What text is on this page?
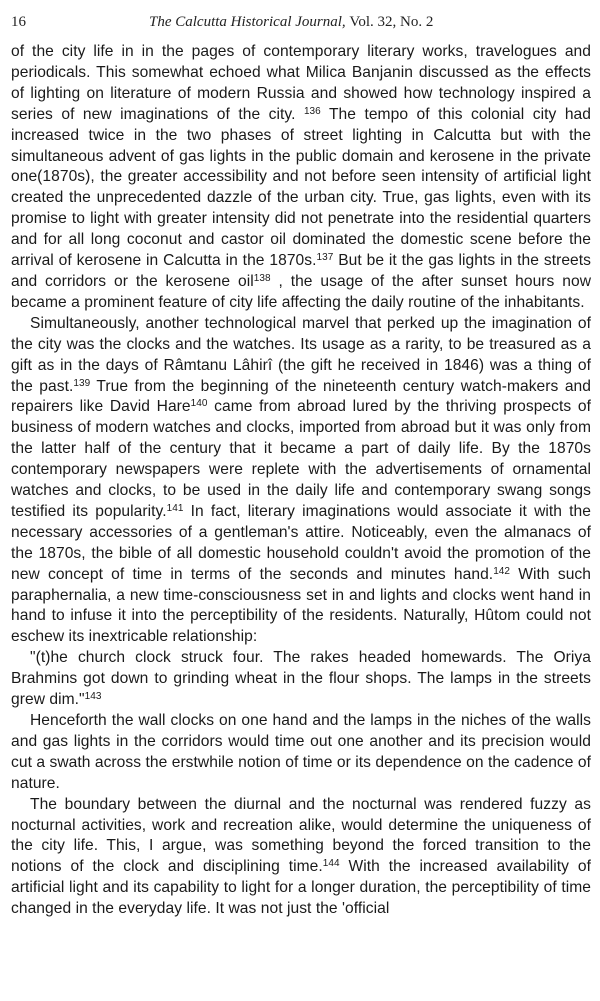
16	The Calcutta Historical Journal, Vol. 32, No. 2

of the city life in in the pages of contemporary literary works, travelogues and periodicals. This somewhat echoed what Milica Banjanin discussed as the effects of lighting on literature of modern Russia and showed how technology inspired a series of new imaginations of the city. $^{136}$ The tempo of this colonial city had increased twice in the two phases of street lighting in Calcutta but with the simultaneous advent of gas lights in the public domain and kerosene in the private one(1870s), the greater accessibility and not before seen intensity of artificial light created the unprecedented dazzle of the urban city. True, gas lights, even with its promise to light with greater intensity did not penetrate into the residential quarters and for all long coconut and castor oil dominated the domestic scene before the arrival of kerosene in Calcutta in the 1870s.$^{137}$ But be it the gas lights in the streets and corridors or the kerosene oil$^{138}$ , the usage of the after sunset hours now became a prominent feature of city life affecting the daily routine of the inhabitants.

Simultaneously, another technological marvel that perked up the imagination of the city was the clocks and the watches. Its usage as a rarity, to be treasured as a gift as in the days of Râmtanu Lâhirî (the gift he received in 1846) was a thing of the past.$^{139}$ True from the beginning of the nineteenth century watch-makers and repairers like David Hare$^{140}$ came from abroad lured by the thriving prospects of business of modern watches and clocks, imported from abroad but it was only from the latter half of the century that it became a part of daily life. By the 1870s contemporary newspapers were replete with the advertisements of ornamental watches and clocks, to be used in the daily life and contemporary swang songs testified its popularity.$^{141}$ In fact, literary imaginations would associate it with the necessary accessories of a gentleman's attire. Noticeably, even the almanacs of the 1870s, the bible of all domestic household couldn't avoid the promotion of the new concept of time in terms of the seconds and minutes hand.$^{142}$ With such paraphernalia, a new time-consciousness set in and lights and clocks went hand in hand to infuse it into the perceptibility of the residents. Naturally, Hûtom could not eschew its inextricable relationship:

"(t)he church clock struck four. The rakes headed homewards. The Oriya Brahmins got down to grinding wheat in the flour shops. The lamps in the streets grew dim."$^{143}$

Henceforth the wall clocks on one hand and the lamps in the niches of the walls and gas lights in the corridors would time out one another and its precision would cut a swath across the erstwhile notion of time or its dependence on the cadence of nature.

The boundary between the diurnal and the nocturnal was rendered fuzzy as nocturnal activities, work and recreation alike, would determine the uniqueness of the city life. This, I argue, was something beyond the forced transition to the notions of the clock and disciplining time.$^{144}$ With the increased availability of artificial light and its capability to light for a longer duration, the perceptibility of time changed in the everyday life. It was not just the 'official
